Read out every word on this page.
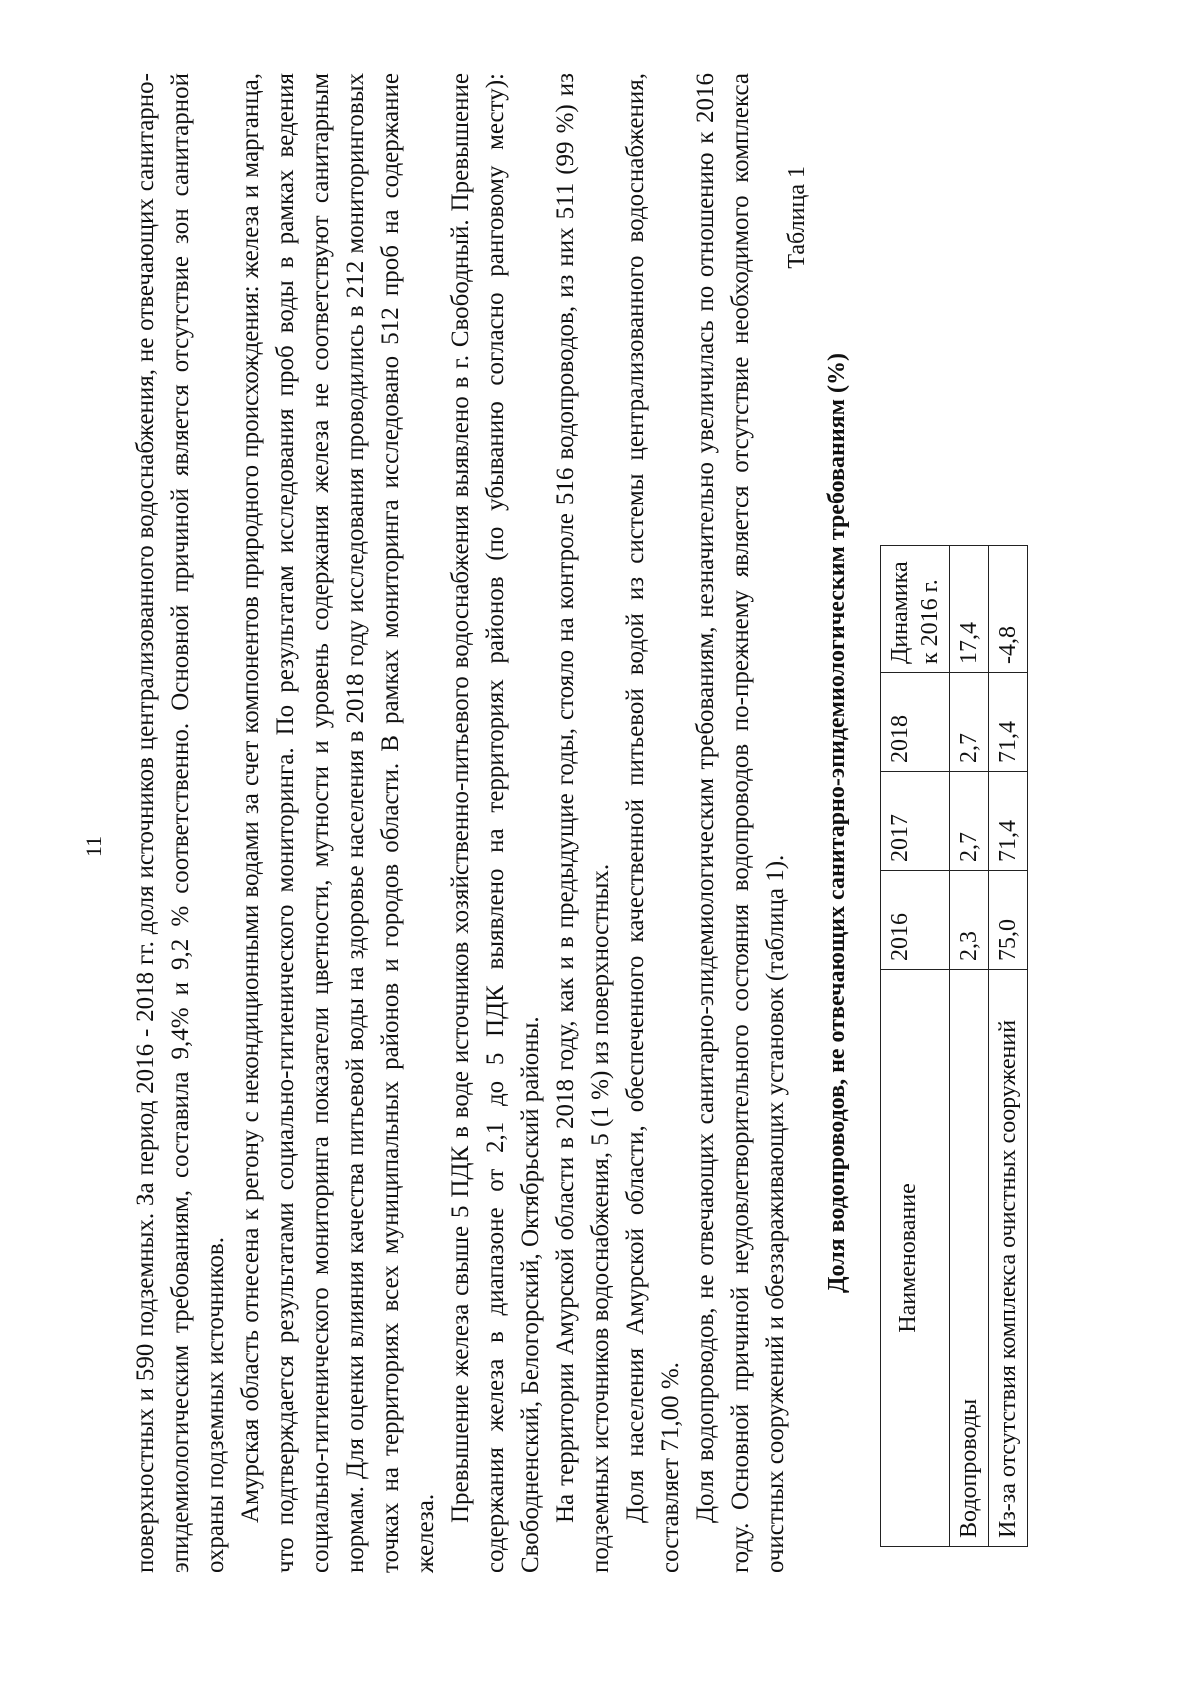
11 поверхностных и 590 подземных. За период 2016 - 2018 гг. доля источников централизованного водоснабжения, не отвечающих санитарно-эпидемиологическим требованиям, составила 9,4% и 9,2 % соответственно. Основной причиной является отсутствие зон санитарной охраны подземных источников. Амурская область отнесена к регону с некондиционными водами за счет компонентов природного происхождения: железа и марганца, что подтверждается результатами социально-гигиенического мониторинга. По результатам исследования проб воды в рамках ведения социально-гигиенического мониторинга показатели цветности, мутности и уровень содержания железа не соответствуют санитарным нормам. Для оценки влияния качества питьевой воды на здоровье населения в 2018 году исследования проводились в 212 мониторинговых точках на территориях всех муниципальных районов и городов области. В рамках мониторинга исследовано 512 проб на содержание железа.

Превышение железа свыше 5 ПДК в воде источников хозяйственно-питьевого водоснабжения выявлено в г. Свободный. Превышение содержания железа в диапазоне от 2,1 до 5 ПДК выявлено на территориях районов (по убыванию согласно ранговому месту): Свободненский, Белогорский, Октябрьский районы. На территории Амурской области в 2018 году, как и в предыдущие годы, стояло на контроле 516 водопроводов, из них 511 (99 %) из подземных источников водоснабжения, 5 (1 %) из поверхностных. Доля населения Амурской области, обеспеченного качественной питьевой водой из системы централизованного водоснабжения, составляет 71,00 %. Доля водопроводов, не отвечающих санитарно-эпидемиологическим требованиям, незначительно увеличилась по отношению к 2016 году. Основной причиной неудовлетворительного состояния водопроводов по-прежнему является отсутствие необходимого комплекса очистных сооружений и обеззараживающих установок (таблица 1).

Таблица 1
Доля водопроводов, не отвечающих санитарно-эпидемиологическим требованиям (%) Наименование	2016	2017	2018	Динамика к 2016 г.
Водопроводы	2,3	2,7	2,7	17,4
Из-за отсутствия комплекса очистных сооружений	75,0	71,4	71,4	-4,8
